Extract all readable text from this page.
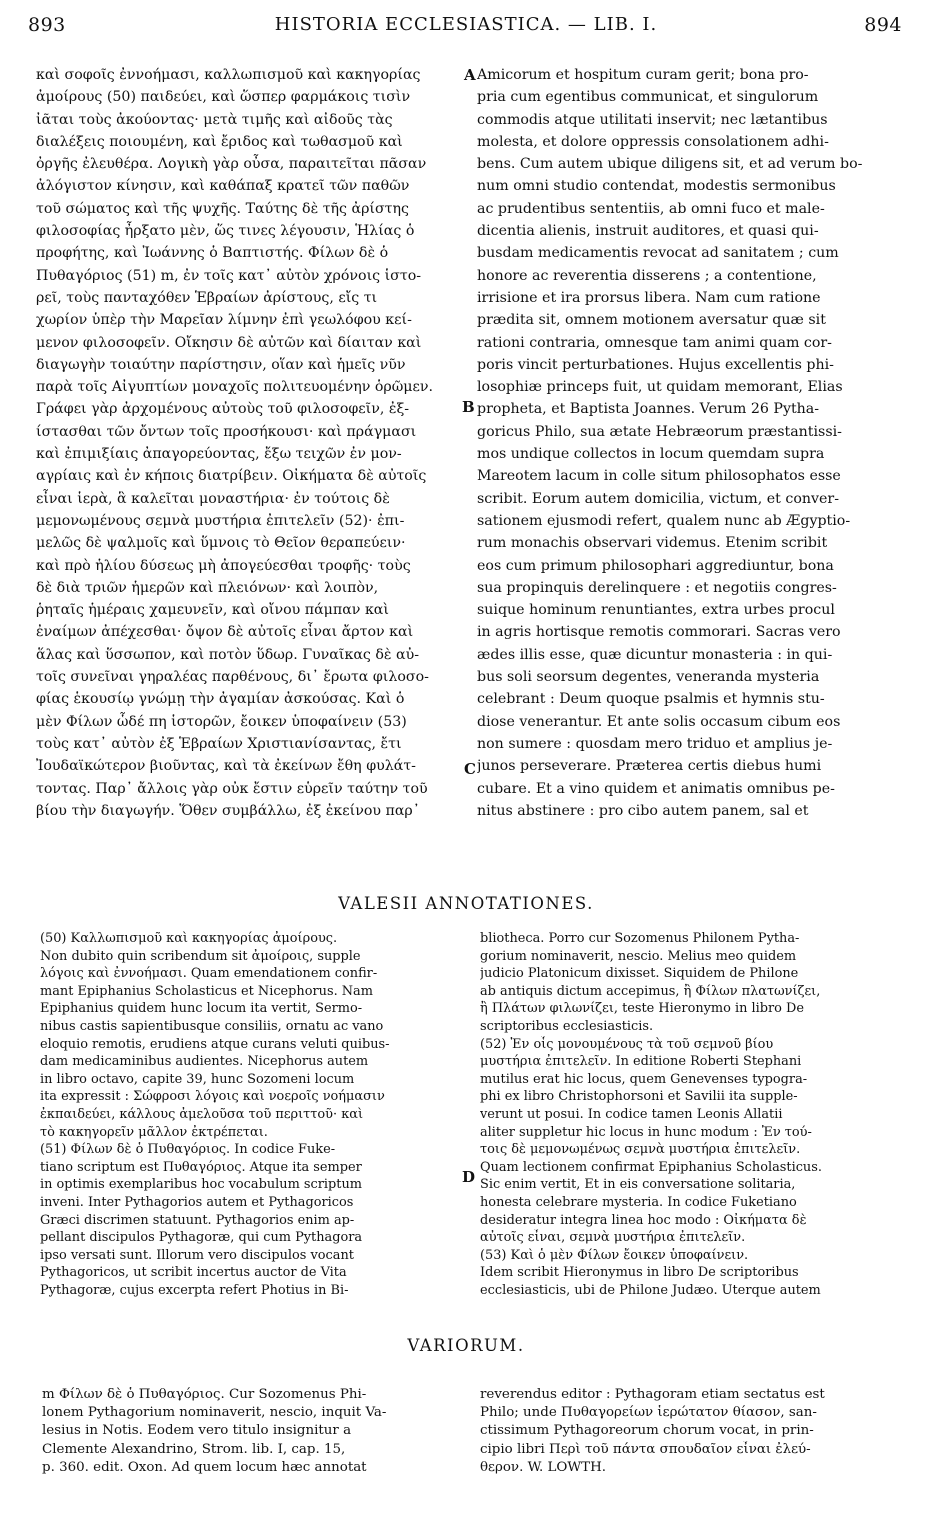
893	HISTORIA ECCLESIASTICA. — LIB. I.	894
καὶ σοφοῖς ἐννοήμασι, καλλωπισμοῦ καὶ κακηγορίας
ἀμοίρους (50) παιδεύει, καὶ ὥσπερ φαρμάκοις τισὶν
ἰᾶται τοὺς ἀκούοντας· μετὰ τιμῆς καὶ αἰδοῦς τὰς
διαλέξεις ποιουμένη, καὶ ἔριδος καὶ τωθασμοῦ καὶ
ὀργῆς ἐλευθέρα. Λογικὴ γὰρ οὖσα, παραιτεῖται πᾶσαν
ἀλόγιστον κίνησιν, καὶ καθάπαξ κρατεῖ τῶν παθῶν
τοῦ σώματος καὶ τῆς ψυχῆς. Ταύτης δὲ τῆς ἀρίστης
φιλοσοφίας ἦρξατο μὲν, ὥς τινες λέγουσιν, Ἡλίας ὁ
προφήτης, καὶ Ἰωάννης ὁ Βαπτιστής. Φίλων δὲ ὁ
Πυθαγόριος (51) m, ἐν τοῖς κατ᾽ αὐτὸν χρόνοις ἱστο-
ρεῖ, τοὺς πανταχόθεν Ἑβραίων ἀρίστους, εἴς τι
χωρίον ὑπὲρ τὴν Μαρεῖαν λίμνην ἐπὶ γεωλόφου κεί-
μενον φιλοσοφεῖν. Οἴκησιν δὲ αὐτῶν καὶ δίαιταν καὶ
διαγωγὴν τοιαύτην παρίστησιν, οἵαν καὶ ἡμεῖς νῦν
παρὰ τοῖς Αἰγυπτίων μοναχοῖς πολιτευομένην ὁρῶμεν.
Γράφει γὰρ ἀρχομένους αὐτοὺς τοῦ φιλοσοφεῖν, ἐξ-
ίστασθαι τῶν ὄντων τοῖς προσήκουσι· καὶ πράγμασι
καὶ ἐπιμιξίαις ἀπαγορεύοντας, ἔξω τειχῶν ἐν μον-
αγρίαις καὶ ἐν κήποις διατρίβειν. Οἰκήματα δὲ αὐτοῖς
εἶναι ἱερὰ, ἃ καλεῖται μοναστήρια· ἐν τούτοις δὲ
μεμονωμένους σεμνὰ μυστήρια ἐπιτελεῖν (52)· ἐπι-
μελῶς δὲ ψαλμοῖς καὶ ὕμνοις τὸ Θεῖον θεραπεύειν·
καὶ πρὸ ἡλίου δύσεως μὴ ἀπογεύεσθαι τροφῆς· τοὺς
δὲ διὰ τριῶν ἡμερῶν καὶ πλειόνων· καὶ λοιπὸν,
ῥηταῖς ἡμέραις χαμευνεῖν, καὶ οἴνου πάμπαν καὶ
ἐναίμων ἀπέχεσθαι· ὄψον δὲ αὐτοῖς εἶναι ἄρτον καὶ
ἅλας καὶ ὕσσωπον, καὶ ποτὸν ὕδωρ. Γυναῖκας δὲ αὐ-
τοῖς συνεῖναι γηραλέας παρθένους, δι᾽ ἔρωτα φιλοσο-
φίας ἑκουσίῳ γνώμῃ τὴν ἀγαμίαν ἀσκούσας. Καὶ ὁ
μὲν Φίλων ὧδέ πη ἱστορῶν, ἔοικεν ὑποφαίνειν (53)
τοὺς κατ᾽ αὐτὸν ἐξ Ἑβραίων Χριστιανίσαντας, ἔτι
Ἰουδαϊκώτερον βιοῦντας, καὶ τὰ ἐκείνων ἔθη φυλάτ-
τοντας. Παρ᾽ ἄλλοις γὰρ οὐκ ἔστιν εὑρεῖν ταύτην τοῦ
βίου τὴν διαγωγήν. Ὅθεν συμβάλλω, ἐξ ἐκείνου παρ᾽
Amicorum et hospitum curam gerit; bona pro-
pria cum egentibus communicat, et singulorum
commodis atque utilitati inservit; nec lætantibus
molesta, et dolore oppressis consolationem adhi-
bens. Cum autem ubique diligens sit, et ad verum bo-
num omni studio contendat, modestis sermonibus
ac prudentibus sententiis, ab omni fuco et male-
dicentia alienis, instruit auditores, et quasi qui-
busdam medicamentis revocat ad sanitatem ; cum
honore ac reverentia disserens ; a contentione,
irrisione et ira prorsus libera. Nam cum ratione
prædita sit, omnem motionem aversatur quæ sit
rationi contraria, omnesque tam animi quam cor-
poris vincit perturbationes. Hujus excellentis phi-
losophiæ princeps fuit, ut quidam memorant, Elias
propheta, et Baptista Joannes. Verum 26 Pytha-
goricus Philo, sua ætate Hebræorum præstantissi-
mos undique collectos in locum quemdam supra
Mareotem lacum in colle situm philosophatos esse
scribit. Eorum autem domicilia, victum, et conver-
sationem ejusmodi refert, qualem nunc ab Ægyptio-
rum monachis observari videmus. Etenim scribit
eos cum primum philosophari aggrediuntur, bona
sua propinquis derelinquere : et negotiis congres-
suique hominum renuntiantes, extra urbes procul
in agris hortisque remotis commorari. Sacras vero
ædes illis esse, quæ dicuntur monasteria : in qui-
bus soli seorsum degentes, veneranda mysteria
celebrant : Deum quoque psalmis et hymnis stu-
diose venerantur. Et ante solis occasum cibum eos
non sumere : quosdam mero triduo et amplius je-
junos perseverare. Præterea certis diebus humi
cubare. Et a vino quidem et animatis omnibus pe-
nitus abstinere : pro cibo autem panem, sal et
A
B
C
D
VALESII ANNOTATIONES.
(50) Καλλωπισμοῦ καὶ κακηγορίας ἀμοίρους.
Non dubito quin scribendum sit ἀμοίροις, supple
λόγοις καὶ ἐννοήμασι. Quam emendationem confir-
mant Epiphanius Scholasticus et Nicephorus. Nam
Epiphanius quidem hunc locum ita vertit, Sermo-
nibus castis sapientibusque consiliis, ornatu ac vano
eloquio remotis, erudiens atque curans veluti quibus-
dam medicaminibus audientes. Nicephorus autem
in libro octavo, capite 39, hunc Sozomeni locum
ita expressit : Σώφροσι λόγοις καὶ νοεροῖς νοήμασιν
ἐκπαιδεύει, κάλλους ἀμελοῦσα τοῦ περιττοῦ· καὶ
τὸ κακηγορεῖν μᾶλλον ἐκτρέπεται.
(51) Φίλων δὲ ὁ Πυθαγόριος. In codice Fuke-
tiano scriptum est Πυθαγόριος. Atque ita semper
in optimis exemplaribus hoc vocabulum scriptum
inveni. Inter Pythagorios autem et Pythagoricos
Græci discrimen statuunt. Pythagorios enim ap-
pellant discipulos Pythagoræ, qui cum Pythagora
ipso versati sunt. Illorum vero discipulos vocant
Pythagoricos, ut scribit incertus auctor de Vita
Pythagoræ, cujus excerpta refert Photius in Bi-
bliotheca. Porro cur Sozomenus Philonem Pytha-
gorium nominaverit, nescio. Melius meo quidem
judicio Platonicum dixisset. Siquidem de Philone
ab antiquis dictum accepimus, ἢ Φίλων πλατωνίζει,
ἢ Πλάτων φιλωνίζει, teste Hieronymo in libro De
scriptoribus ecclesiasticis.
(52) Ἐν οἷς μονουμένους τὰ τοῦ σεμνοῦ βίου
μυστήρια ἐπιτελεῖν. In editione Roberti Stephani
mutilus erat hic locus, quem Genevenses typogra-
phi ex libro Christophorsoni et Savilii ita supple-
verunt ut posui. In codice tamen Leonis Allatii
aliter suppletur hic locus in hunc modum : Ἐν τού-
τοις δὲ μεμονωμένως σεμνὰ μυστήρια ἐπιτελεῖν.
Quam lectionem confirmat Epiphanius Scholasticus.
Sic enim vertit, Et in eis conversatione solitaria,
honesta celebrare mysteria. In codice Fuketiano
desideratur integra linea hoc modo : Οἰκήματα δὲ
αὐτοῖς εἶναι, σεμνὰ μυστήρια ἐπιτελεῖν.
(53) Καὶ ὁ μὲν Φίλων ἔοικεν ὑποφαίνειν.
Idem scribit Hieronymus in libro De scriptoribus
ecclesiasticis, ubi de Philone Judæo. Uterque autem
VARIORUM.
m Φίλων δὲ ὁ Πυθαγόριος. Cur Sozomenus Phi-
lonem Pythagorium nominaverit, nescio, inquit Va-
lesius in Notis. Eodem vero titulo insignitur a
Clemente Alexandrino, Strom. lib. I, cap. 15,
p. 360. edit. Oxon. Ad quem locum hæc annotat
reverendus editor : Pythagoram etiam sectatus est
Philo; unde Πυθαγορείων ἱερώτατον θίασον, san-
ctissimum Pythagoreorum chorum vocat, in prin-
cipio libri Περὶ τοῦ πάντα σπουδαῖον εἶναι ἐλεύ-
θερον. W. LOWTH.
